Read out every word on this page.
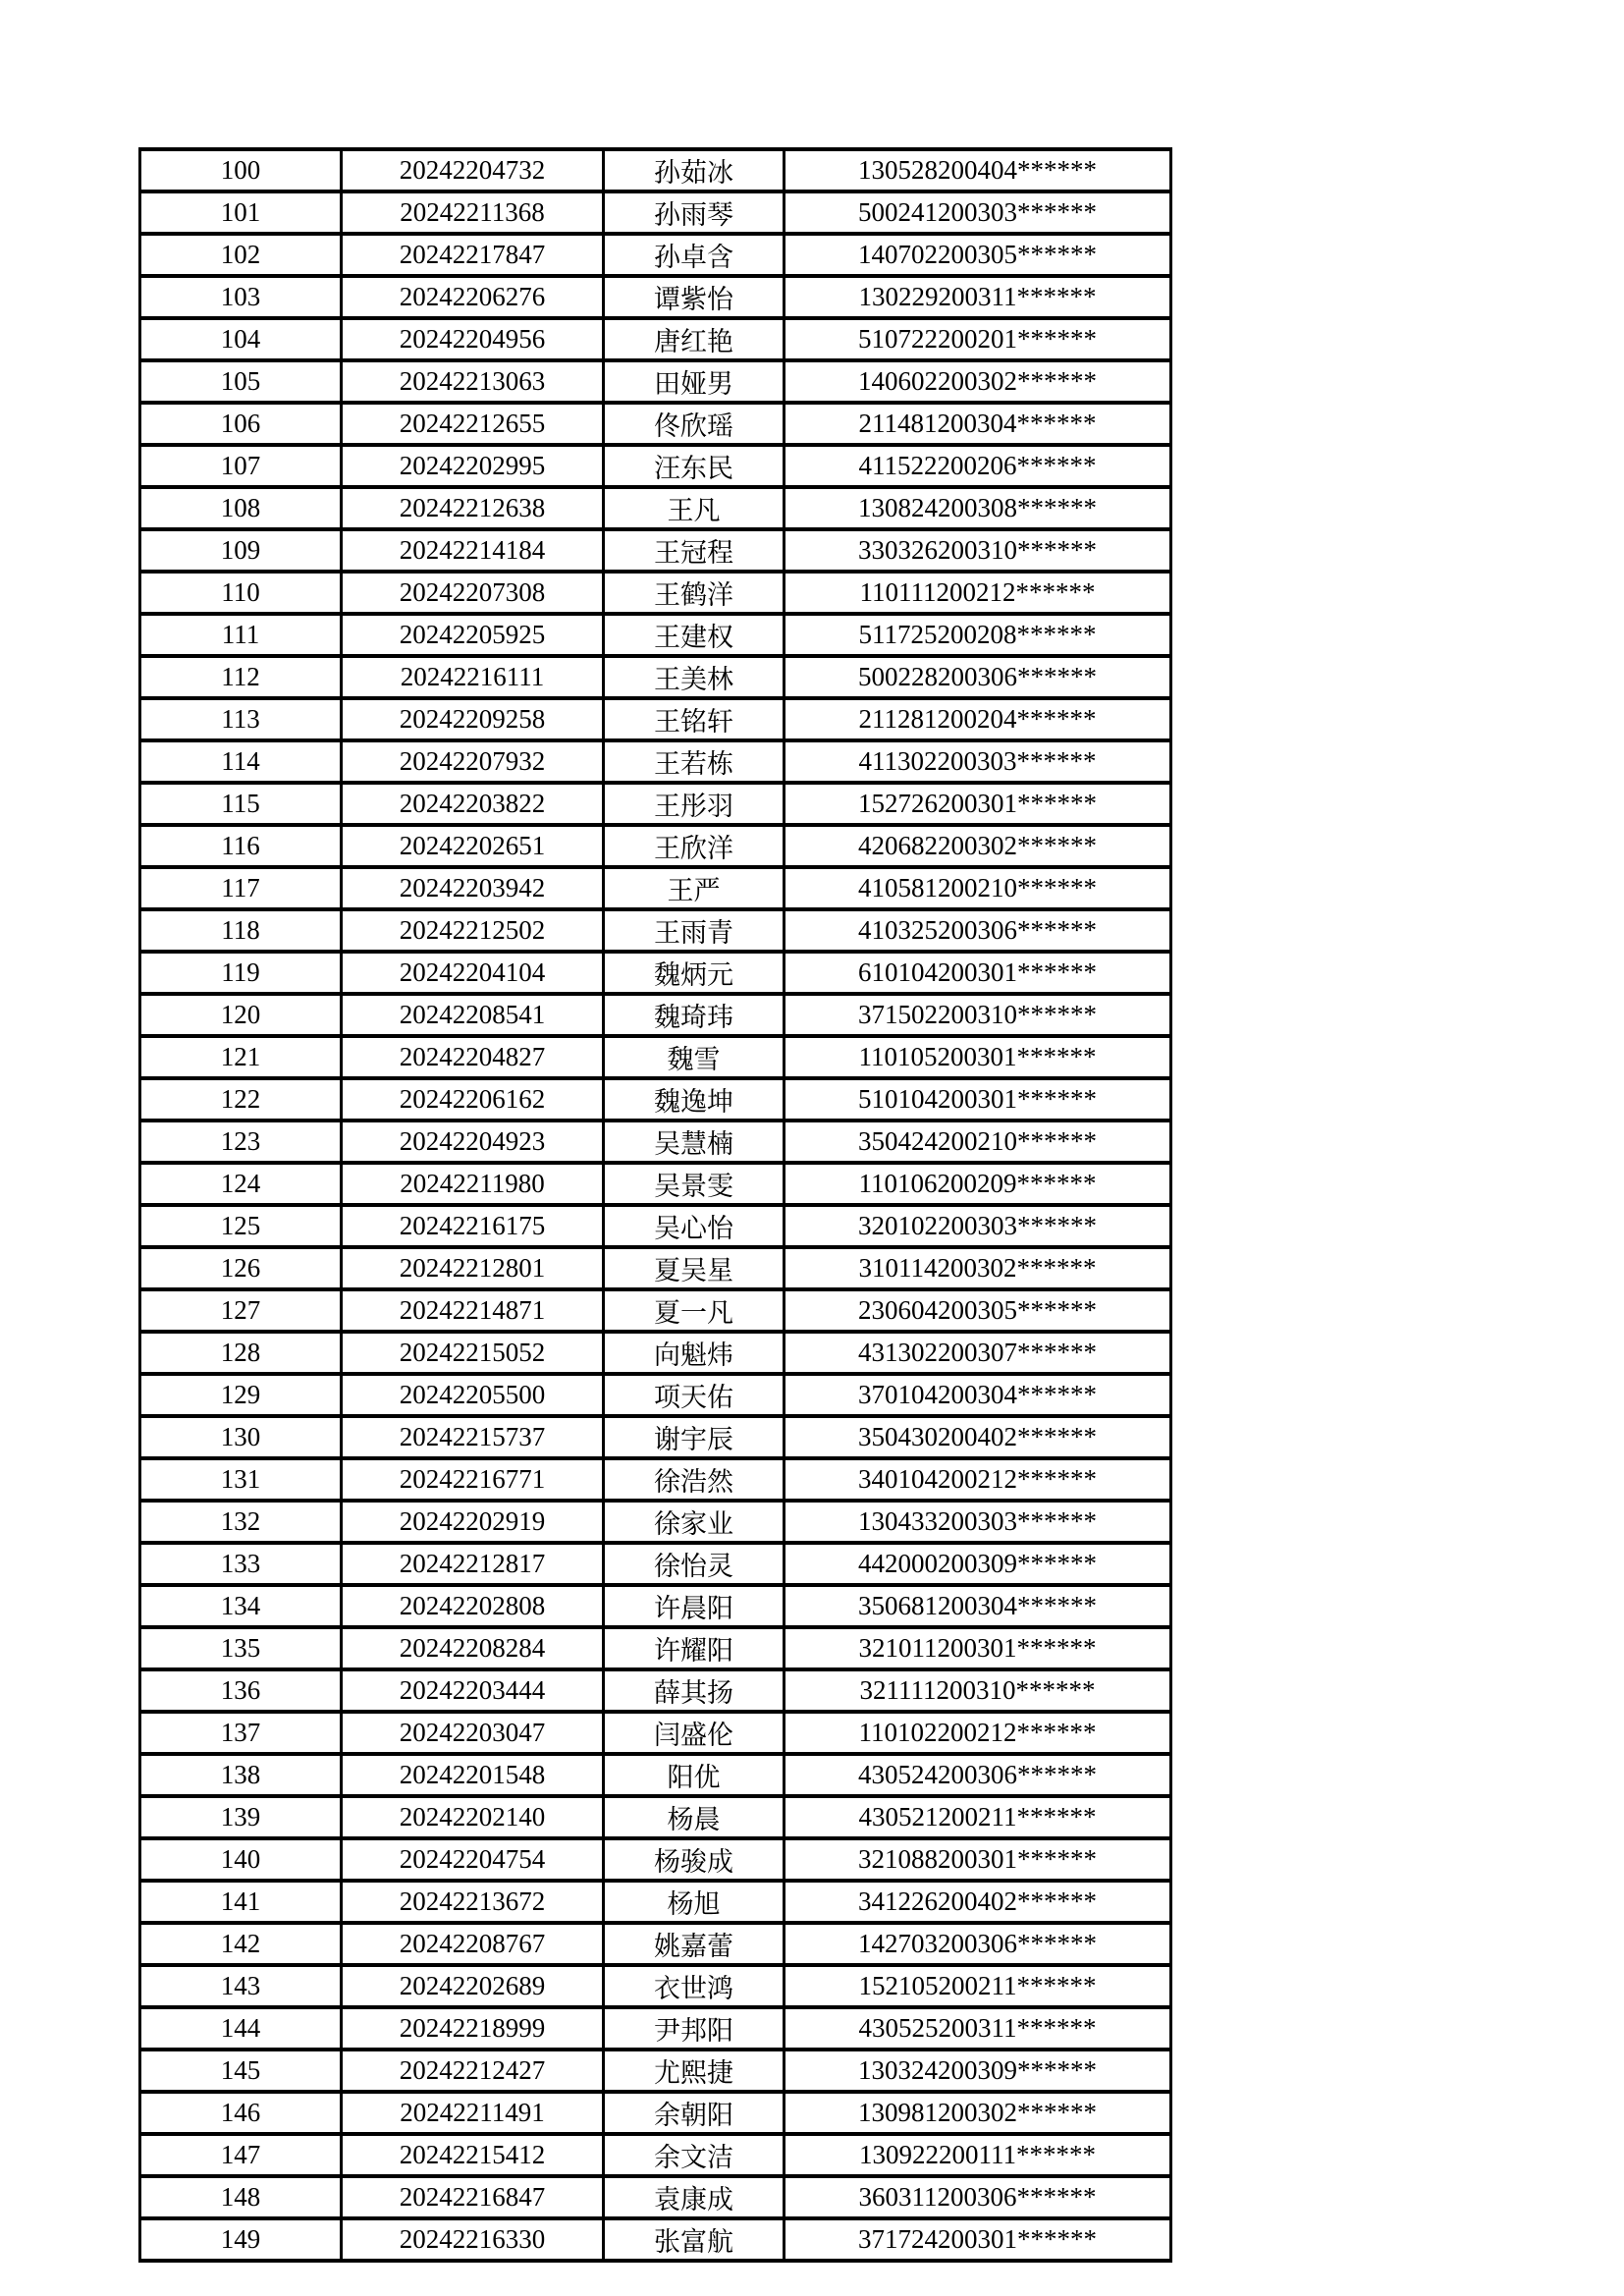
100	20242204732	孙茹冰	130528200404******
101	20242211368	孙雨琴	500241200303******
102	20242217847	孙卓含	140702200305******
103	20242206276	谭紫怡	130229200311******
104	20242204956	唐红艳	510722200201******
105	20242213063	田娅男	140602200302******
106	20242212655	佟欣瑶	211481200304******
107	20242202995	汪东民	411522200206******
108	20242212638	王凡	130824200308******
109	20242214184	王冠程	330326200310******
110	20242207308	王鹤洋	110111200212******
111	20242205925	王建权	511725200208******
112	20242216111	王美林	500228200306******
113	20242209258	王铭轩	211281200204******
114	20242207932	王若栋	411302200303******
115	20242203822	王彤羽	152726200301******
116	20242202651	王欣洋	420682200302******
117	20242203942	王严	410581200210******
118	20242212502	王雨青	410325200306******
119	20242204104	魏炳元	610104200301******
120	20242208541	魏琦玮	371502200310******
121	20242204827	魏雪	110105200301******
122	20242206162	魏逸坤	510104200301******
123	20242204923	吴慧楠	350424200210******
124	20242211980	吴景雯	110106200209******
125	20242216175	吴心怡	320102200303******
126	20242212801	夏吴星	310114200302******
127	20242214871	夏一凡	230604200305******
128	20242215052	向魁炜	431302200307******
129	20242205500	项天佑	370104200304******
130	20242215737	谢宇辰	350430200402******
131	20242216771	徐浩然	340104200212******
132	20242202919	徐家业	130433200303******
133	20242212817	徐怡灵	442000200309******
134	20242202808	许晨阳	350681200304******
135	20242208284	许耀阳	321011200301******
136	20242203444	薛其扬	321111200310******
137	20242203047	闫盛伦	110102200212******
138	20242201548	阳优	430524200306******
139	20242202140	杨晨	430521200211******
140	20242204754	杨骏成	321088200301******
141	20242213672	杨旭	341226200402******
142	20242208767	姚嘉蕾	142703200306******
143	20242202689	衣世鸿	152105200211******
144	20242218999	尹邦阳	430525200311******
145	20242212427	尤熙捷	130324200309******
146	20242211491	余朝阳	130981200302******
147	20242215412	余文洁	130922200111******
148	20242216847	袁康成	360311200306******
149	20242216330	张富航	371724200301******
